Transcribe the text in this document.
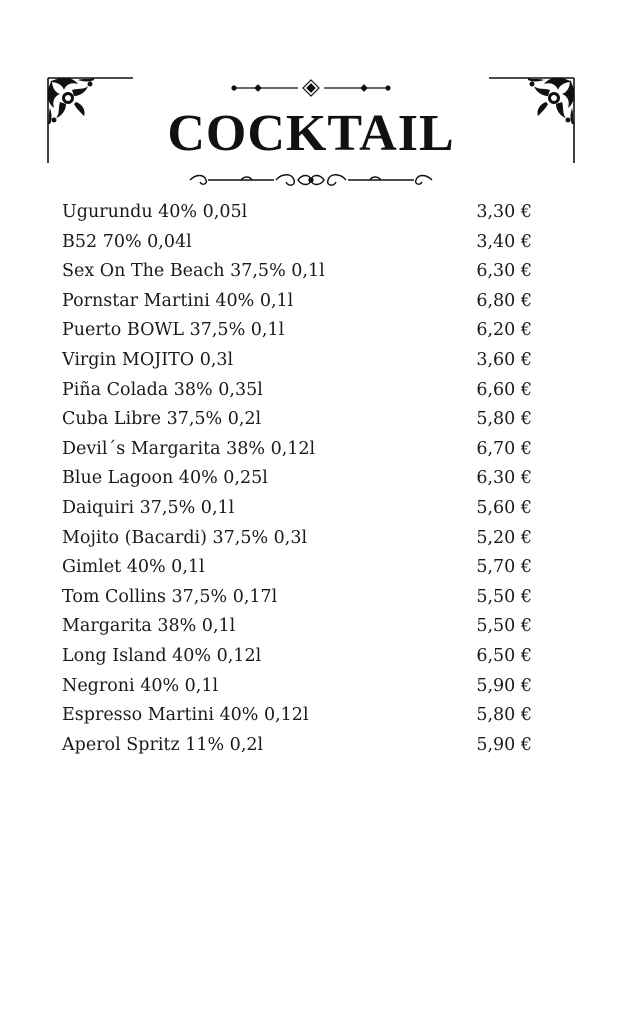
COCKTAIL
Ugurundu 40% 0,05l	3,30 €
B52 70% 0,04l	3,40 €
Sex On The Beach 37,5% 0,1l	6,30 €
Pornstar Martini 40% 0,1l	6,80 €
Puerto BOWL 37,5% 0,1l	6,20 €
Virgin MOJITO 0,3l	3,60 €
Piña Colada 38% 0,35l	6,60 €
Cuba Libre 37,5% 0,2l	5,80 €
Devil´s Margarita 38% 0,12l	6,70 €
Blue Lagoon 40% 0,25l	6,30 €
Daiquiri 37,5% 0,1l	5,60 €
Mojito (Bacardi) 37,5% 0,3l	5,20 €
Gimlet 40% 0,1l	5,70 €
Tom Collins 37,5% 0,17l	5,50 €
Margarita 38% 0,1l	5,50 €
Long Island 40% 0,12l	6,50 €
Negroni 40% 0,1l	5,90 €
Espresso Martini 40% 0,12l	5,80 €
Aperol Spritz 11% 0,2l	5,90 €
